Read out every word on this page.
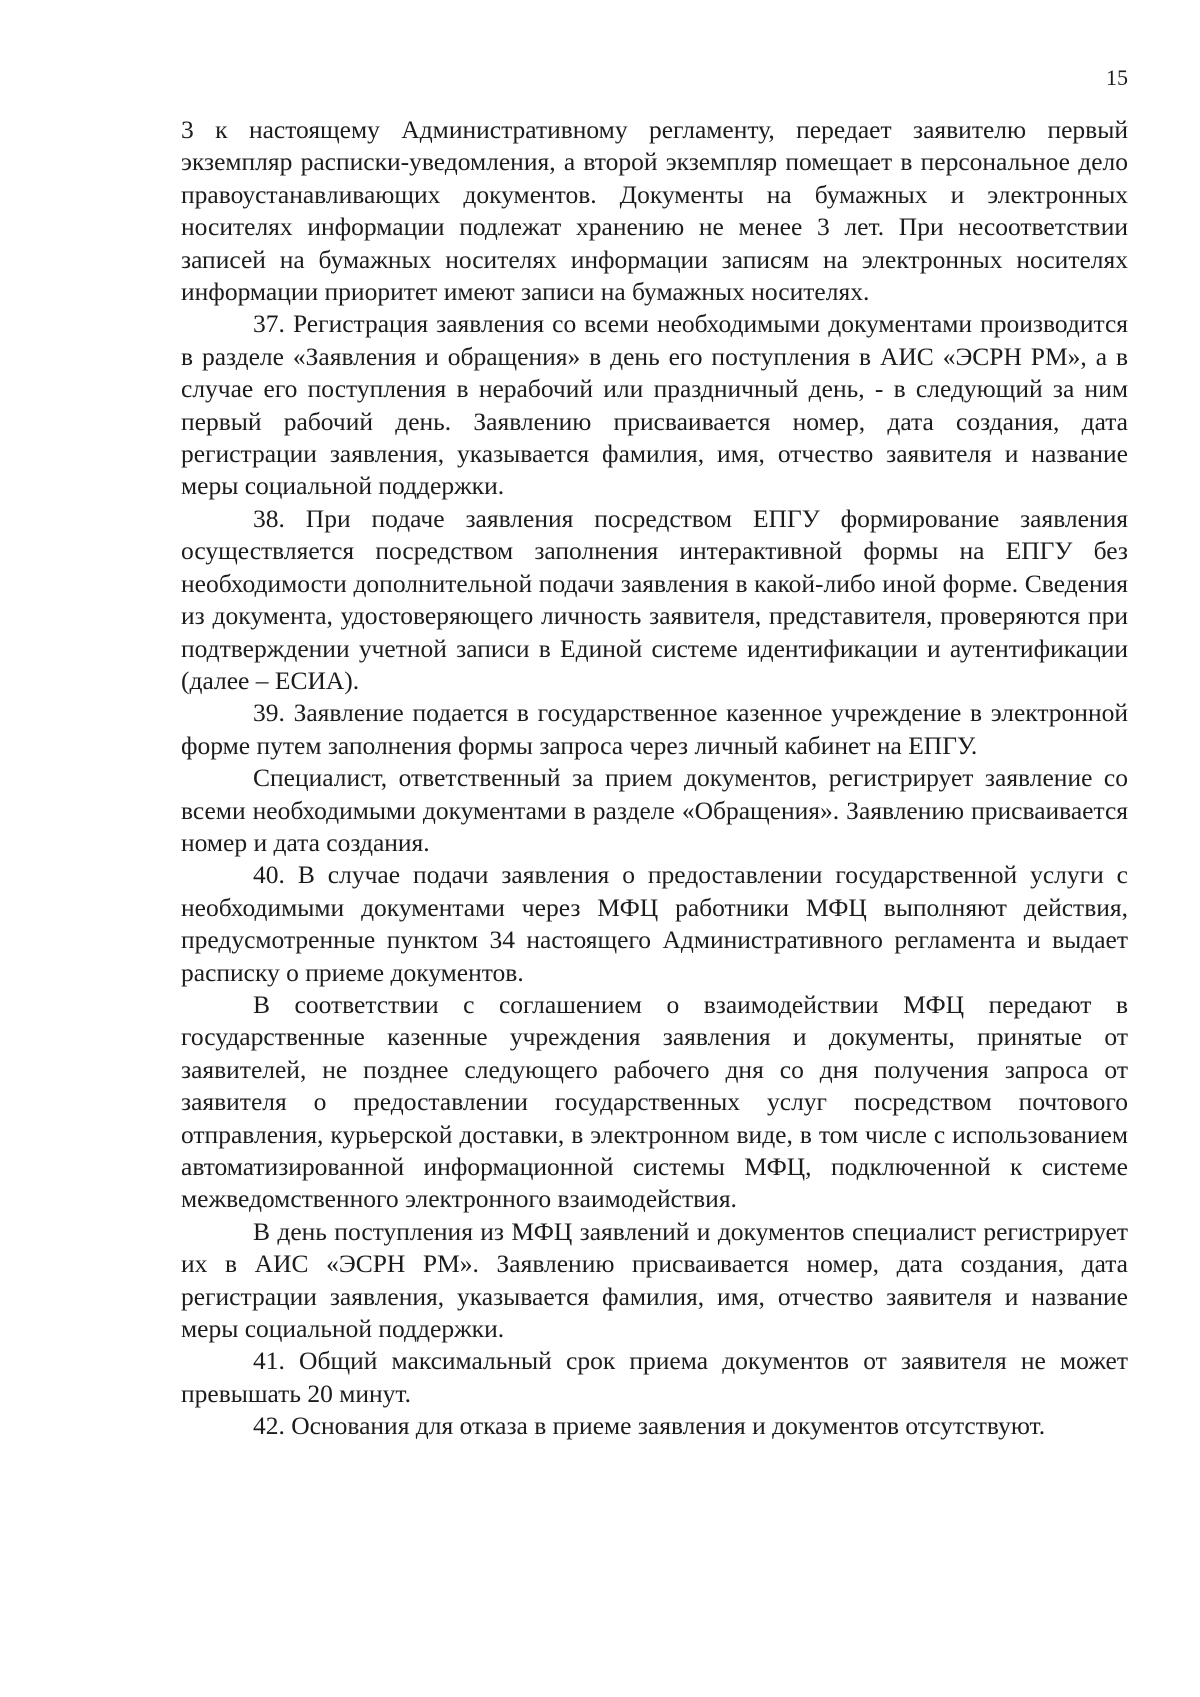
15

3 к настоящему Административному регламенту, передает заявителю первый экземпляр расписки-уведомления, а второй экземпляр помещает в персональное дело правоустанавливающих документов. Документы на бумажных и электронных носителях информации подлежат хранению не менее 3 лет. При несоответствии записей на бумажных носителях информации записям на электронных носителях информации приоритет имеют записи на бумажных носителях.

37. Регистрация заявления со всеми необходимыми документами производится в разделе «Заявления и обращения» в день его поступления в АИС «ЭСРН РМ», а в случае его поступления в нерабочий или праздничный день, - в следующий за ним первый рабочий день. Заявлению присваивается номер, дата создания, дата регистрации заявления, указывается фамилия, имя, отчество заявителя и название меры социальной поддержки.

38. При подаче заявления посредством ЕПГУ формирование заявления осуществляется посредством заполнения интерактивной формы на ЕПГУ без необходимости дополнительной подачи заявления в какой-либо иной форме. Сведения из документа, удостоверяющего личность заявителя, представителя, проверяются при подтверждении учетной записи в Единой системе идентификации и аутентификации (далее – ЕСИА).

39. Заявление подается в государственное казенное учреждение в электронной форме путем заполнения формы запроса через личный кабинет на ЕПГУ.

Специалист, ответственный за прием документов, регистрирует заявление со всеми необходимыми документами в разделе «Обращения». Заявлению присваивается номер и дата создания.

40. В случае подачи заявления о предоставлении государственной услуги с необходимыми документами через МФЦ работники МФЦ выполняют действия, предусмотренные пунктом 34 настоящего Административного регламента и выдает расписку о приеме документов.

В соответствии с соглашением о взаимодействии МФЦ передают в государственные казенные учреждения заявления и документы, принятые от заявителей, не позднее следующего рабочего дня со дня получения запроса от заявителя о предоставлении государственных услуг посредством почтового отправления, курьерской доставки, в электронном виде, в том числе с использованием автоматизированной информационной системы МФЦ, подключенной к системе межведомственного электронного взаимодействия.

В день поступления из МФЦ заявлений и документов специалист регистрирует их в АИС «ЭСРН РМ». Заявлению присваивается номер, дата создания, дата регистрации заявления, указывается фамилия, имя, отчество заявителя и название меры социальной поддержки.

41. Общий максимальный срок приема документов от заявителя не может превышать 20 минут.

42. Основания для отказа в приеме заявления и документов отсутствуют.
